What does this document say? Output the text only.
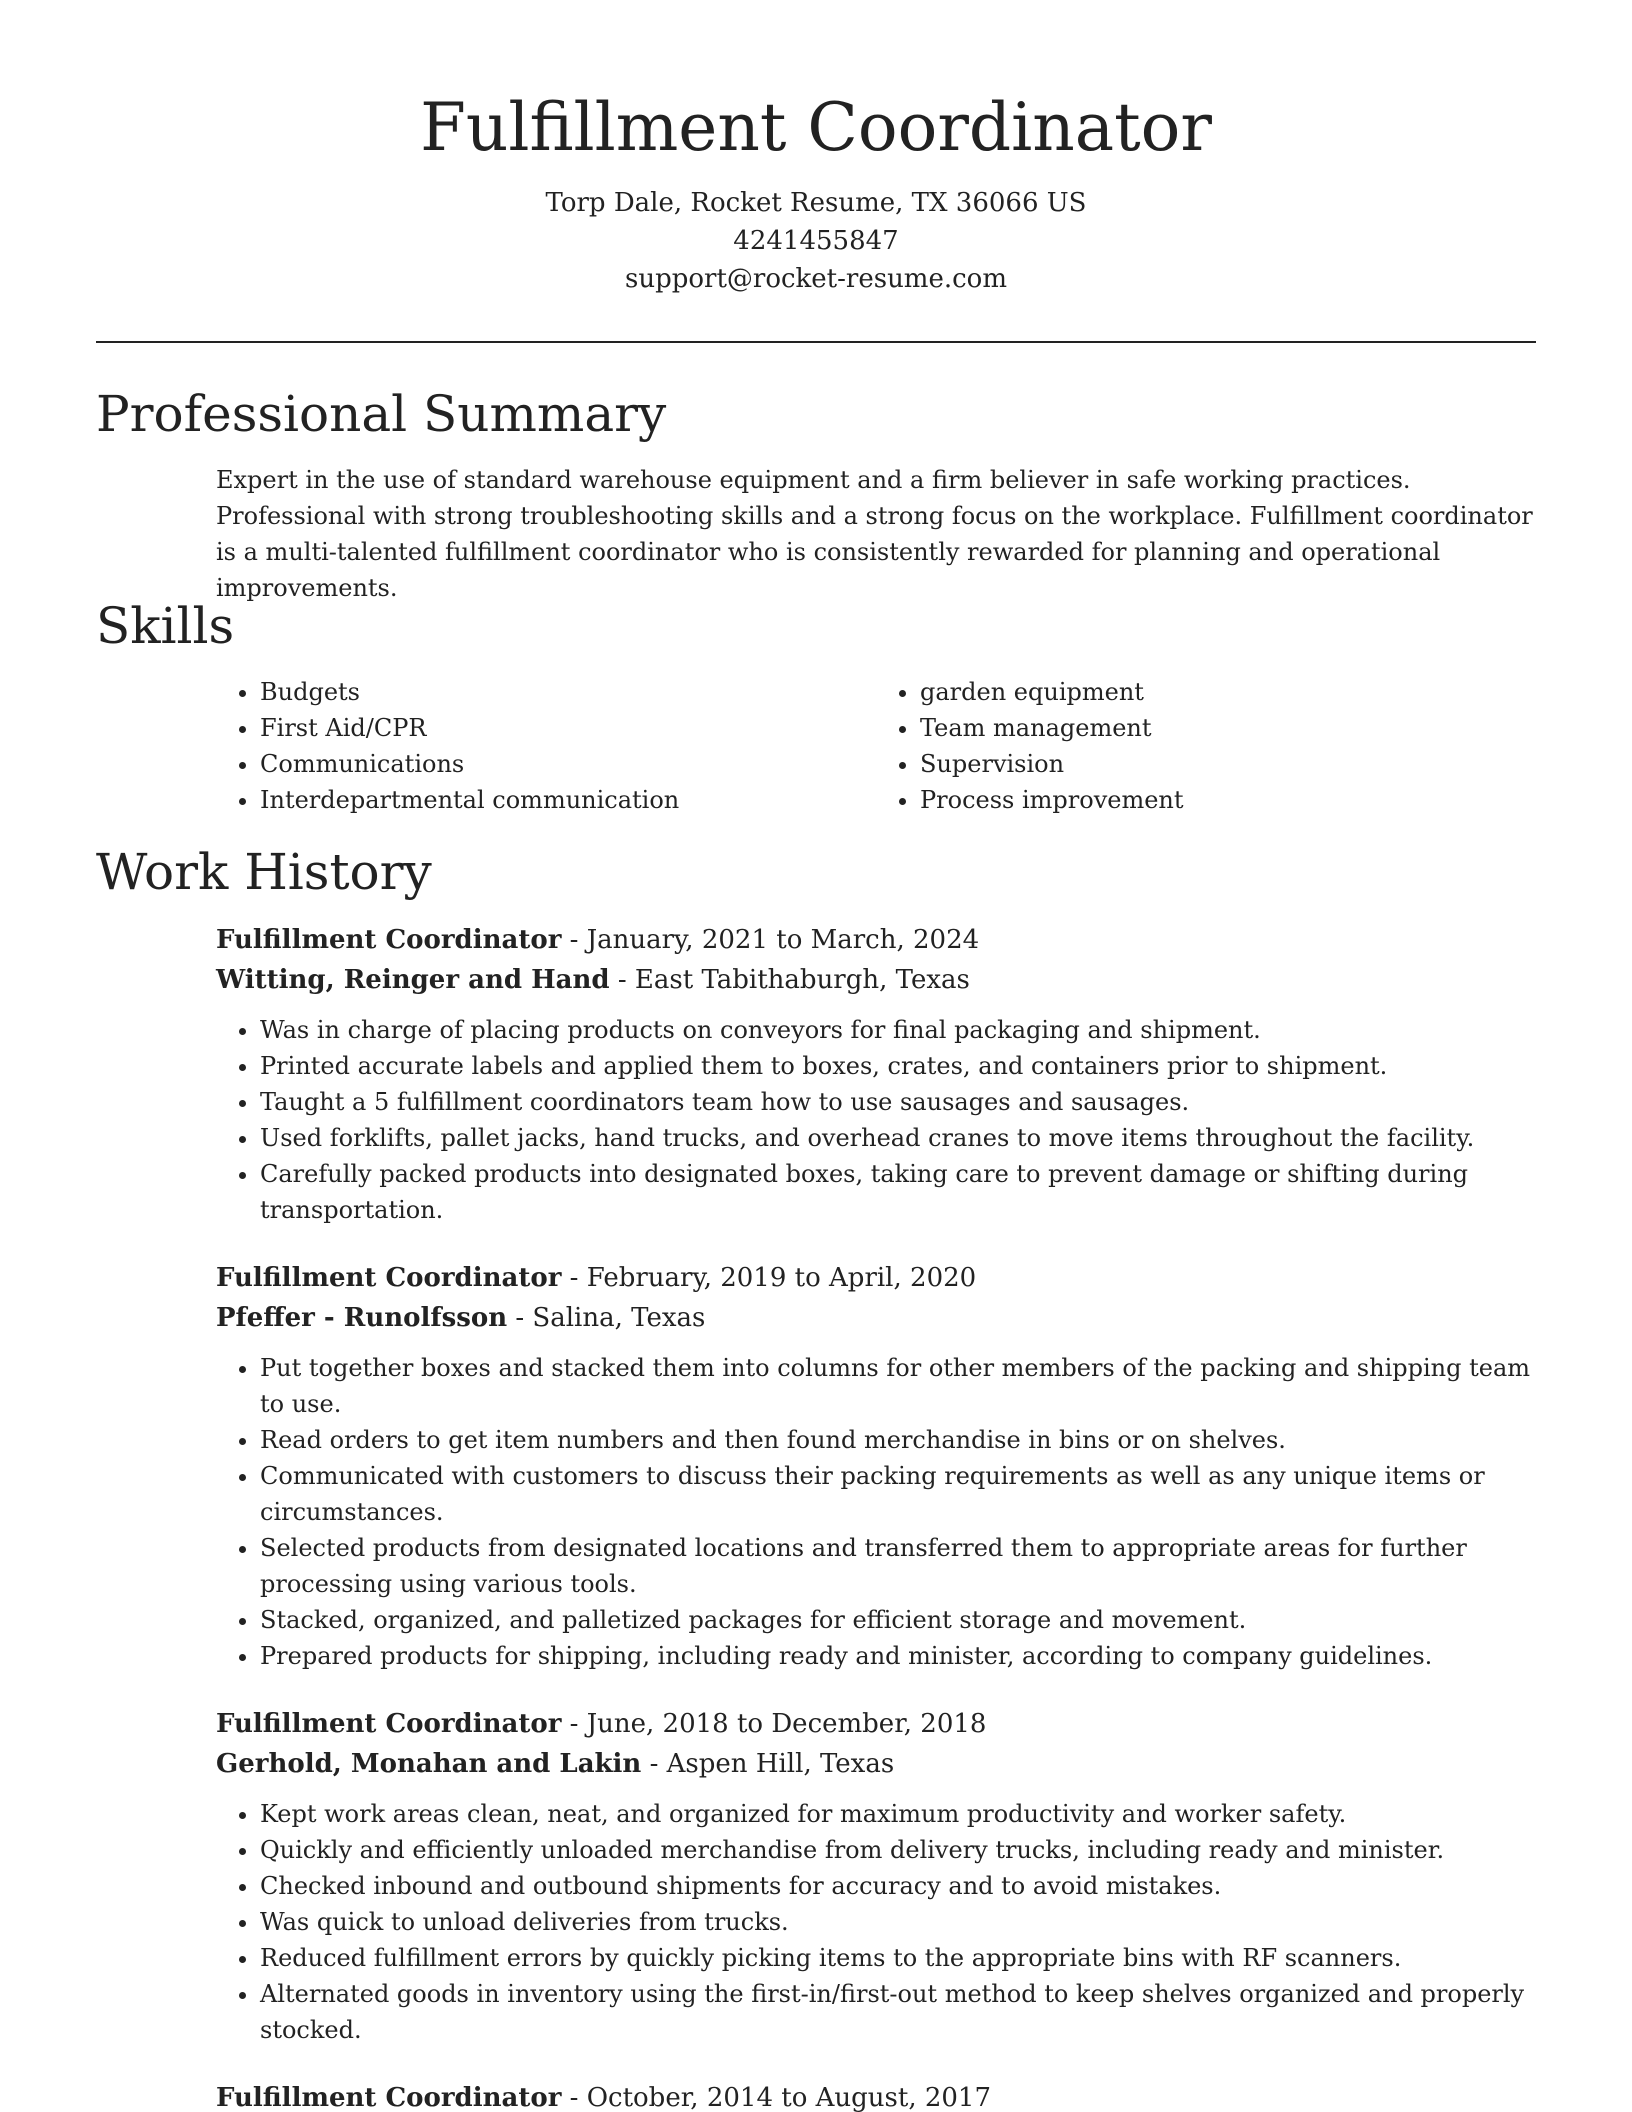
Fulfillment Coordinator
Torp Dale, Rocket Resume, TX 36066 US
4241455847
support@rocket-resume.com
Professional Summary

Expert in the use of standard warehouse equipment and a firm believer in safe working practices. Professional with strong troubleshooting skills and a strong focus on the workplace. Fulfillment coordinator is a multi-talented fulfillment coordinator who is consistently rewarded for planning and operational improvements.

Skills
• Budgets
• First Aid/CPR
• Communications
• Interdepartmental communication
• garden equipment
• Team management
• Supervision
• Process improvement
Work History
Fulfillment Coordinator - January, 2021 to March, 2024
Witting, Reinger and Hand - East Tabithaburgh, Texas
• Was in charge of placing products on conveyors for final packaging and shipment.
• Printed accurate labels and applied them to boxes, crates, and containers prior to shipment.
• Taught a 5 fulfillment coordinators team how to use sausages and sausages.
• Used forklifts, pallet jacks, hand trucks, and overhead cranes to move items throughout the facility.
• Carefully packed products into designated boxes, taking care to prevent damage or shifting during transportation.
Fulfillment Coordinator - February, 2019 to April, 2020
Pfeffer - Runolfsson - Salina, Texas
• Put together boxes and stacked them into columns for other members of the packing and shipping team to use.
• Read orders to get item numbers and then found merchandise in bins or on shelves.
• Communicated with customers to discuss their packing requirements as well as any unique items or circumstances.
• Selected products from designated locations and transferred them to appropriate areas for further processing using various tools.
• Stacked, organized, and palletized packages for efficient storage and movement.
• Prepared products for shipping, including ready and minister, according to company guidelines.
Fulfillment Coordinator - June, 2018 to December, 2018
Gerhold, Monahan and Lakin - Aspen Hill, Texas
• Kept work areas clean, neat, and organized for maximum productivity and worker safety.
• Quickly and efficiently unloaded merchandise from delivery trucks, including ready and minister.
• Checked inbound and outbound shipments for accuracy and to avoid mistakes.
• Was quick to unload deliveries from trucks.
• Reduced fulfillment errors by quickly picking items to the appropriate bins with RF scanners.
• Alternated goods in inventory using the first-in/first-out method to keep shelves organized and properly stocked.
Fulfillment Coordinator - October, 2014 to August, 2017
